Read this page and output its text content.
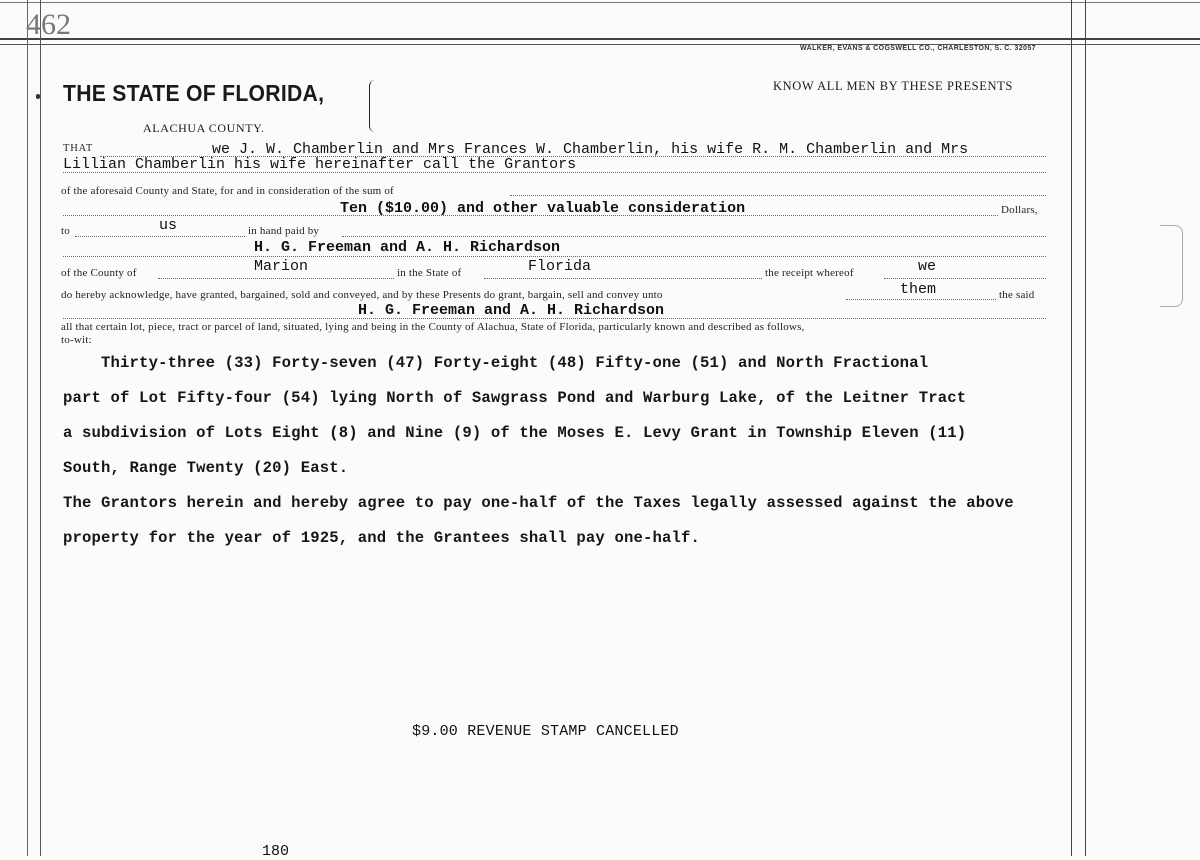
462
WALKER, EVANS & COGSWELL CO., CHARLESTON, S. C. 32057
THE STATE OF FLORIDA,
ALACHUA COUNTY.
KNOW ALL MEN BY THESE PRESENTS
THAT	we J. W. Chamberlin and Mrs Frances W. Chamberlin, his wife R. M. Chamberlin and Mrs
Lillian Chamberlin his wife hereinafter call the Grantors
of the aforesaid County and State, for and in consideration of the sum of
Ten ($10.00) and other valuable consideration	Dollars,
to	us	in hand paid by
H. G. Freeman and A. H. Richardson
of the County of	Marion	in the State of	Florida	the receipt whereof	we
do hereby acknowledge, have granted, bargained, sold and conveyed, and by these Presents do grant, bargain, sell and convey unto	them	the said
H. G. Freeman and A. H. Richardson
all that certain lot, piece, tract or parcel of land, situated, lying and being in the County of Alachua, State of Florida, particularly known and described as follows,
to-wit:
Thirty-three (33) Forty-seven (47) Forty-eight (48) Fifty-one (51) and North Fractional
part of Lot Fifty-four (54) lying North of Sawgrass Pond and Warburg Lake, of the Leitner Tract
a subdivision of Lots Eight (8) and Nine (9) of the Moses E. Levy Grant in Township Eleven (11)
South, Range Twenty (20) East.
The Grantors herein and hereby agree to pay one-half of the Taxes legally assessed against the above
property for the year of 1925, and the Grantees shall pay one-half.
$9.00 REVENUE STAMP CANCELLED
180
